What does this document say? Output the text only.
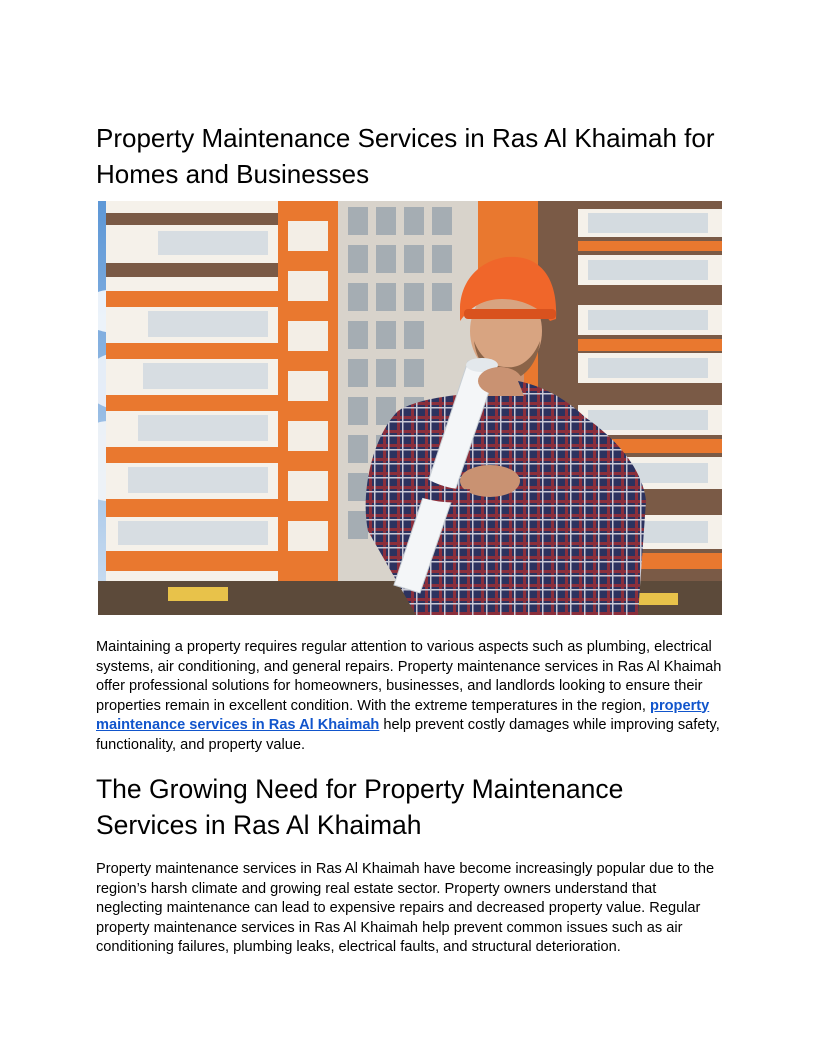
Property Maintenance Services in Ras Al Khaimah for Homes and Businesses

Maintaining a property requires regular attention to various aspects such as plumbing, electrical systems, air conditioning, and general repairs. Property maintenance services in Ras Al Khaimah offer professional solutions for homeowners, businesses, and landlords looking to ensure their properties remain in excellent condition. With the extreme temperatures in the region, property maintenance services in Ras Al Khaimah help prevent costly damages while improving safety, functionality, and property value.

The Growing Need for Property Maintenance Services in Ras Al Khaimah

Property maintenance services in Ras Al Khaimah have become increasingly popular due to the region’s harsh climate and growing real estate sector. Property owners understand that neglecting maintenance can lead to expensive repairs and decreased property value. Regular property maintenance services in Ras Al Khaimah help prevent common issues such as air conditioning failures, plumbing leaks, electrical faults, and structural deterioration.
